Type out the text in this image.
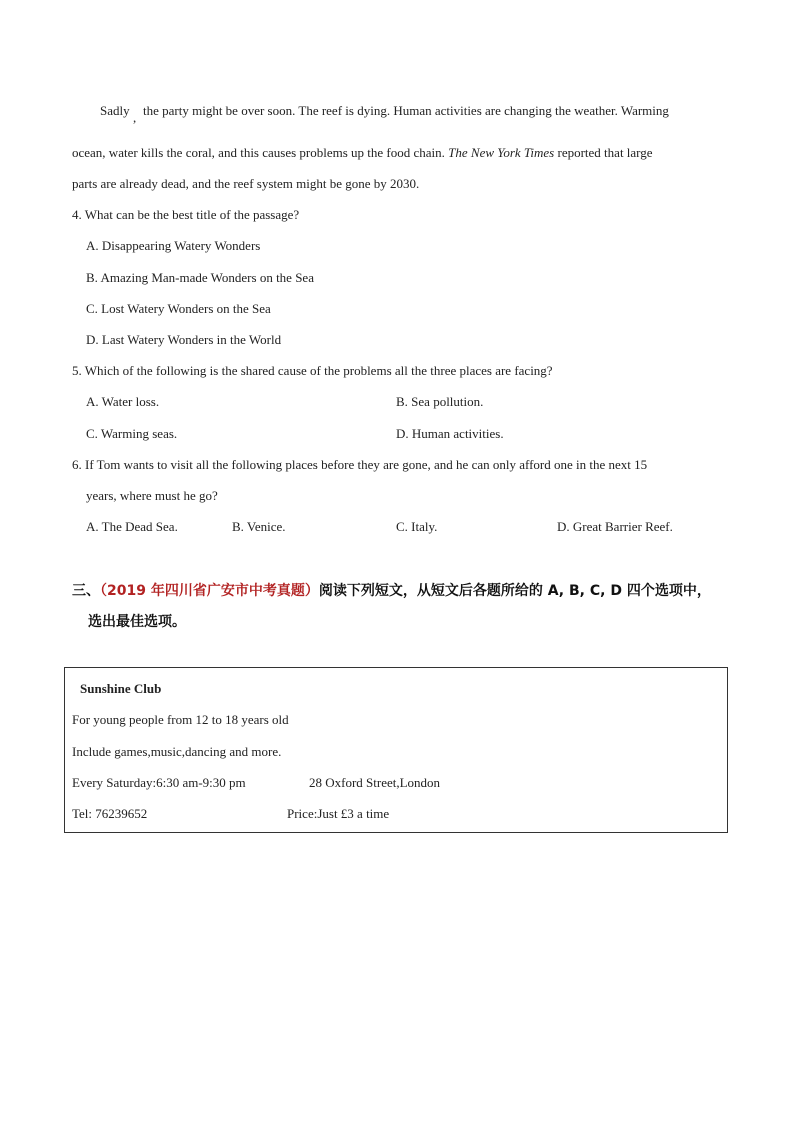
Sadly , the party might be over soon. The reef is dying. Human activities are changing the weather. Warming
ocean, water kills the coral, and this causes problems up the food chain. The New York Times reported that large
parts are already dead, and the reef system might be gone by 2030.
4. What can be the best title of the passage?
A. Disappearing Watery Wonders
B. Amazing Man-made Wonders on the Sea
C. Lost Watery Wonders on the Sea
D. Last Watery Wonders in the World
5. Which of the following is the shared cause of the problems all the three places are facing?
A. Water loss.	B. Sea pollution.
C. Warming seas.	D. Human activities.
6. If Tom wants to visit all the following places before they are gone, and he can only afford one in the next 15
years, where must he go?
A. The Dead Sea.	B. Venice.	C. Italy.	D. Great Barrier Reef.
三、（2019 年四川省广安市中考真题）阅读下列短文，从短文后各题所给的 A, B, C, D 四个选项中，
选出最佳选项。
Sunshine Club
For young people from 12 to 18 years old
Include games,music,dancing and more.
Every Saturday:6:30 am-9:30 pm	28 Oxford Street,London
Tel: 76239652	Price:Just £3 a time
